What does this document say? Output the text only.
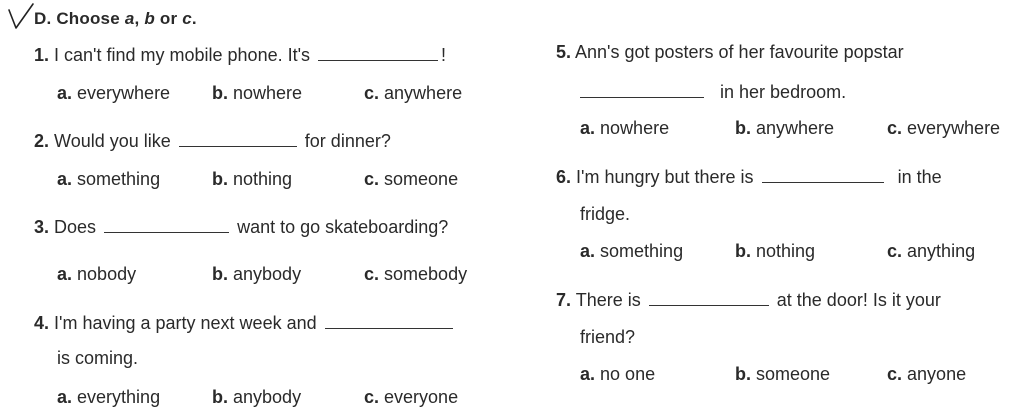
D. Choose a, b or c.
1. I can't find my mobile phone. It's	!
a. everywhere b. nowhere	c. anywhere
2. Would you like	for dinner?
a. something	b. nothing	c. someone
3. Does	want to go skateboarding?
a. nobody	b. anybody	c. somebody
4. I'm having a party next week and
is coming.
a. everything	b. anybody	c. everyone
5. Ann's got posters of her favourite popstar
in her bedroom.
a. nowhere	b. anywhere	c. everywhere
6. I'm hungry but there is	in the
fridge.
a. something	b. nothing	c. anything
7. There is	at the door! Is it your
friend?
a. no one	b. someone	c. anyone
